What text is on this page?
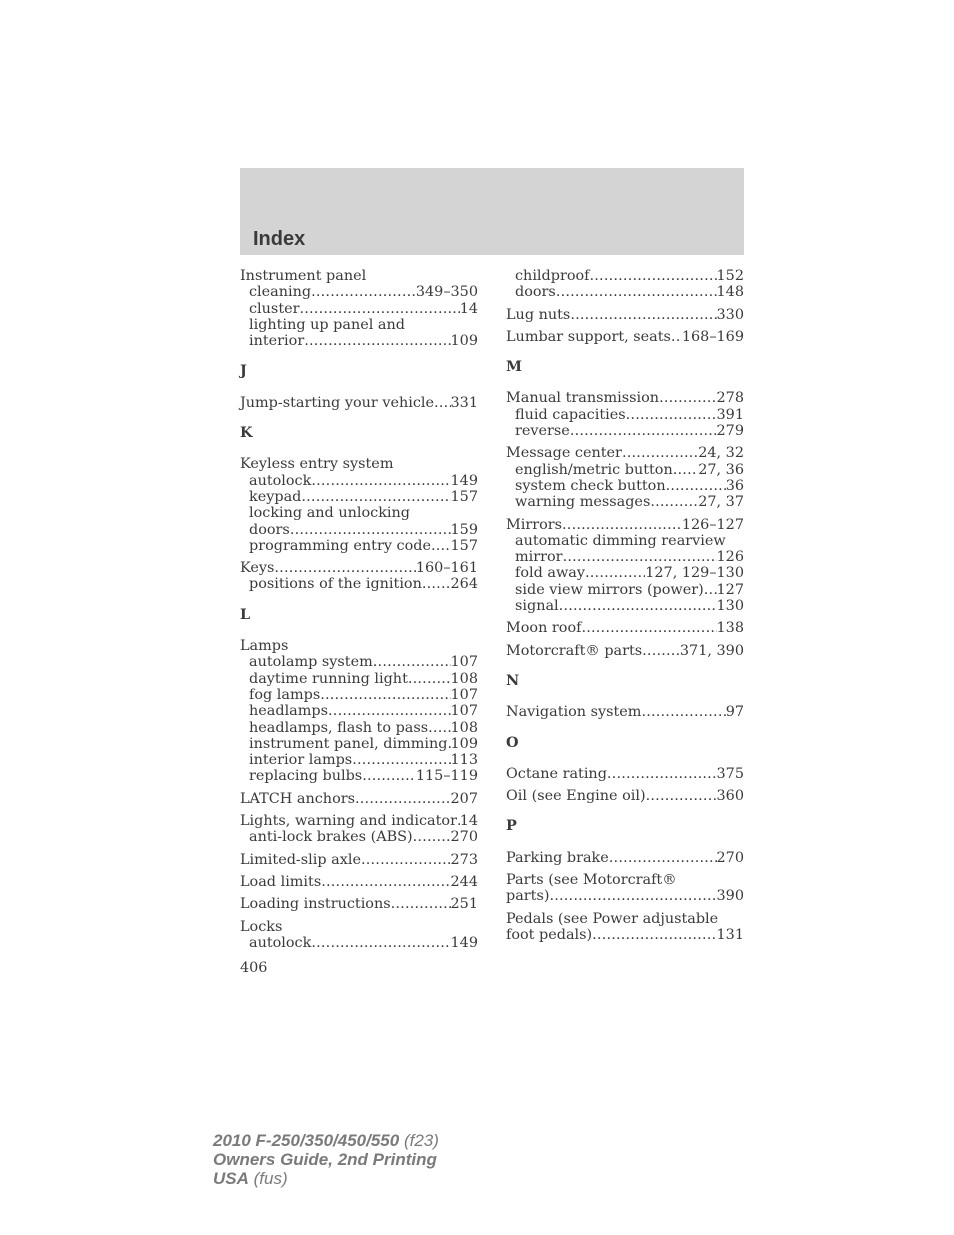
Index
Instrument panel
cleaning .....	349–350
cluster .....	14
lighting up panel and
interior .....	109
J
Jump-starting your vehicle ..... 331
K
Keyless entry system
autolock .....	149
keypad .....	157
locking and unlocking
doors .....	159
programming entry code ..... 157
Keys .....	160–161
positions of the ignition ..... 264
L
Lamps
autolamp system .....	107
daytime running light .....	108
fog lamps .....	107
headlamps .....	107
headlamps, flash to pass ..... 108
instrument panel, dimming ..... 109
interior lamps .....	113
replacing bulbs .....	115–119
LATCH anchors .....	207
Lights, warning and indicator ..... 14
anti-lock brakes (ABS) .....	270
Limited-slip axle .....	273
Load limits .....	244
Loading instructions .....	251
Locks
autolock .....	149
childproof .....	152
doors .....	148
Lug nuts .....	330
Lumbar support, seats ..... 168–169
M
Manual transmission .....	278
fluid capacities .....	391
reverse .....	279
Message center .....	24, 32
english/metric button ..... 27, 36
system check button .....	36
warning messages .....	27, 37
Mirrors .....	126–127
automatic dimming rearview
mirror .....	126
fold away .....	127, 129–130
side view mirrors (power) ..... 127
signal .....	130
Moon roof .....	138
Motorcraft® parts .....	371, 390
N
Navigation system .....	97
O
Octane rating .....	375
Oil (see Engine oil) .....	360
P
Parking brake .....	270
Parts (see Motorcraft®
parts) .....	390
Pedals (see Power adjustable
foot pedals) .....	131
406
2010 F-250/350/450/550 (f23)
Owners Guide, 2nd Printing
USA (fus)
